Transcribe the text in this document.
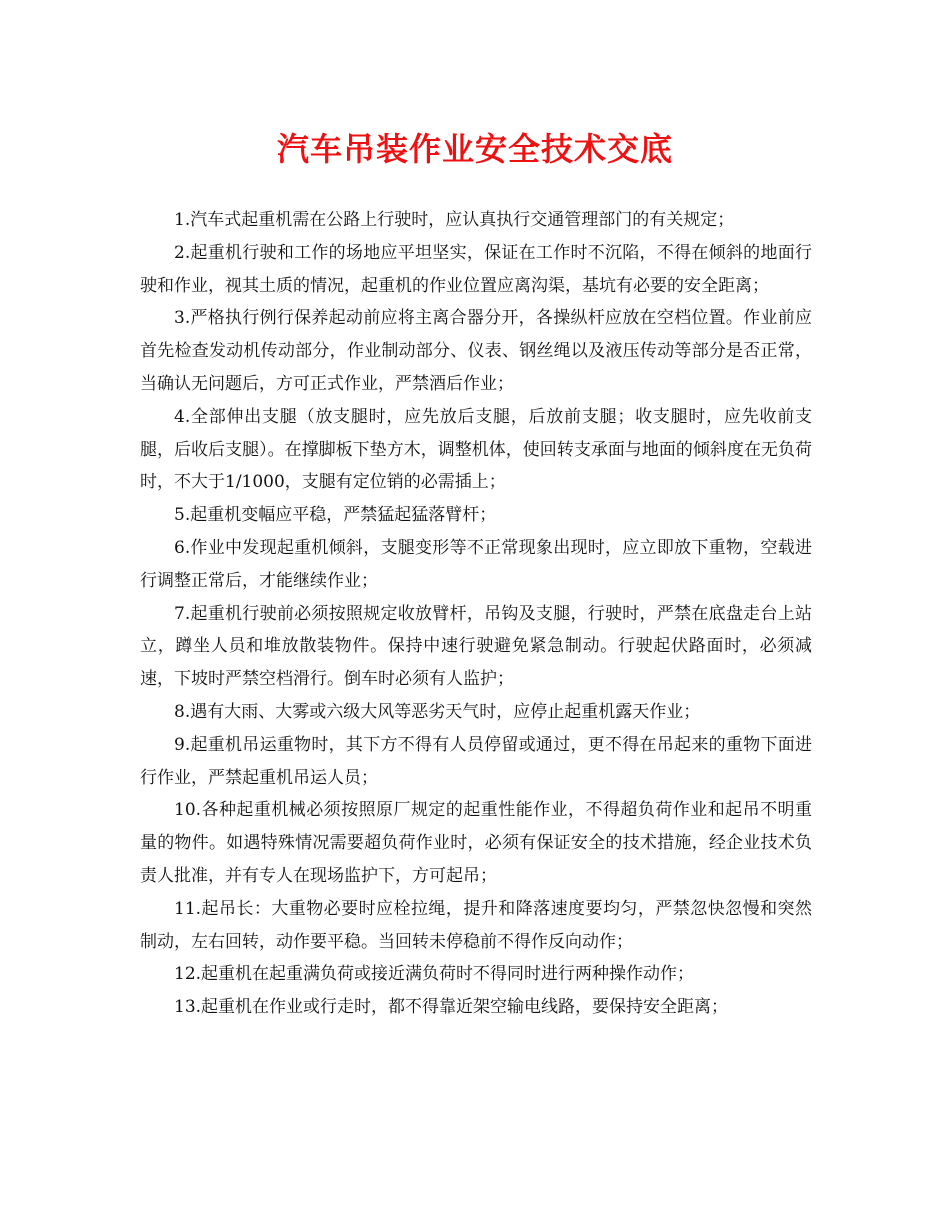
汽车吊装作业安全技术交底

1.汽车式起重机需在公路上行驶时，应认真执行交通管理部门的有关规定；

2.起重机行驶和工作的场地应平坦坚实，保证在工作时不沉陷，不得在倾斜的地面行驶和作业，视其土质的情况，起重机的作业位置应离沟渠，基坑有必要的安全距离；

3.严格执行例行保养起动前应将主离合器分开，各操纵杆应放在空档位置。作业前应首先检查发动机传动部分，作业制动部分、仪表、钢丝绳以及液压传动等部分是否正常，当确认无问题后，方可正式作业，严禁酒后作业；

4.全部伸出支腿（放支腿时，应先放后支腿，后放前支腿；收支腿时，应先收前支腿，后收后支腿）。在撑脚板下垫方木，调整机体，使回转支承面与地面的倾斜度在无负荷时，不大于1/1000，支腿有定位销的必需插上；

5.起重机变幅应平稳，严禁猛起猛落臂杆；

6.作业中发现起重机倾斜，支腿变形等不正常现象出现时，应立即放下重物，空载进行调整正常后，才能继续作业；

7.起重机行驶前必须按照规定收放臂杆，吊钩及支腿，行驶时，严禁在底盘走台上站立，蹲坐人员和堆放散装物件。保持中速行驶避免紧急制动。行驶起伏路面时，必须减速，下坡时严禁空档滑行。倒车时必须有人监护；

8.遇有大雨、大雾或六级大风等恶劣天气时，应停止起重机露天作业；

9.起重机吊运重物时，其下方不得有人员停留或通过，更不得在吊起来的重物下面进行作业，严禁起重机吊运人员；

10.各种起重机械必须按照原厂规定的起重性能作业，不得超负荷作业和起吊不明重量的物件。如遇特殊情况需要超负荷作业时，必须有保证安全的技术措施，经企业技术负责人批准，并有专人在现场监护下，方可起吊；

11.起吊长：大重物必要时应栓拉绳，提升和降落速度要均匀，严禁忽快忽慢和突然制动，左右回转，动作要平稳。当回转未停稳前不得作反向动作；

12.起重机在起重满负荷或接近满负荷时不得同时进行两种操作动作；

13.起重机在作业或行走时，都不得靠近架空输电线路，要保持安全距离；
